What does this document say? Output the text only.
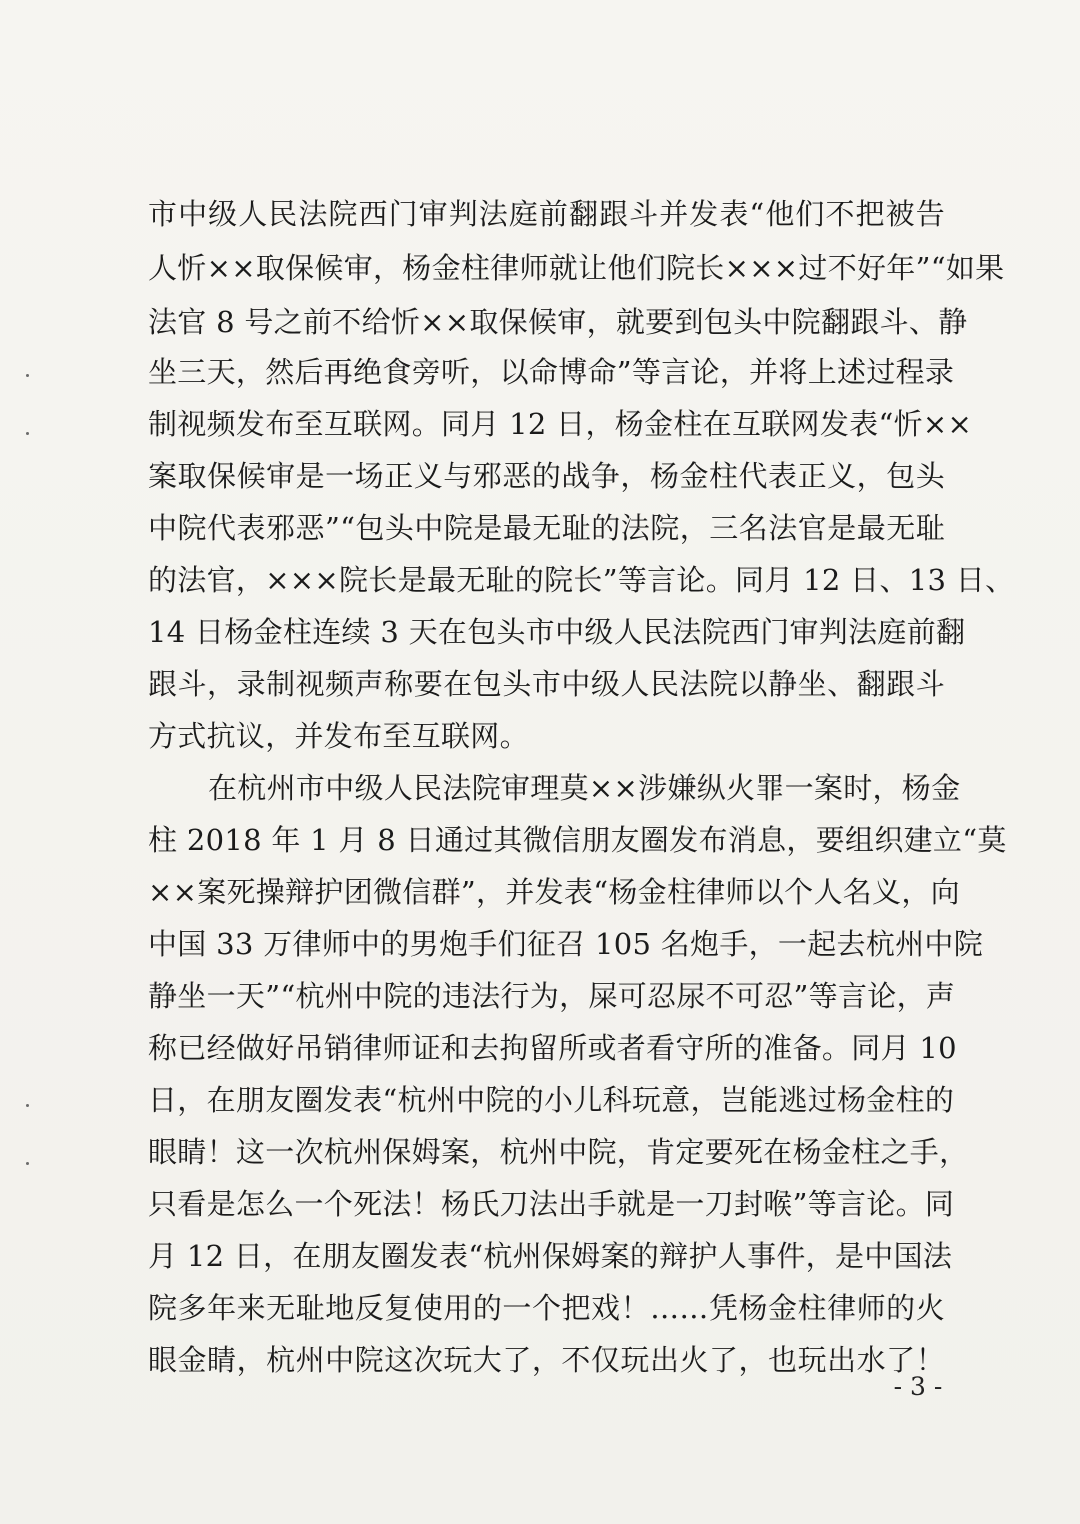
市中级人民法院西门审判法庭前翻跟斗并发表“他们不把被告
人忻××取保候审，杨金柱律师就让他们院长×××过不好年”“如果
法官 8 号之前不给忻××取保候审，就要到包头中院翻跟斗、静
坐三天，然后再绝食旁听，以命博命”等言论，并将上述过程录
制视频发布至互联网。同月 12 日，杨金柱在互联网发表“忻××
案取保候审是一场正义与邪恶的战争，杨金柱代表正义，包头
中院代表邪恶”“包头中院是最无耻的法院，三名法官是最无耻
的法官，×××院长是最无耻的院长”等言论。同月 12 日、13 日、
14 日杨金柱连续 3 天在包头市中级人民法院西门审判法庭前翻
跟斗，录制视频声称要在包头市中级人民法院以静坐、翻跟斗
方式抗议，并发布至互联网。
在杭州市中级人民法院审理莫××涉嫌纵火罪一案时，杨金
柱 2018 年 1 月 8 日通过其微信朋友圈发布消息，要组织建立“莫
××案死操辩护团微信群”，并发表“杨金柱律师以个人名义，向
中国 33 万律师中的男炮手们征召 105 名炮手，一起去杭州中院
静坐一天”“杭州中院的违法行为，屎可忍尿不可忍”等言论，声
称已经做好吊销律师证和去拘留所或者看守所的准备。同月 10
日，在朋友圈发表“杭州中院的小儿科玩意，岂能逃过杨金柱的
眼睛！这一次杭州保姆案，杭州中院，肯定要死在杨金柱之手，
只看是怎么一个死法！杨氏刀法出手就是一刀封喉”等言论。同
月 12 日，在朋友圈发表“杭州保姆案的辩护人事件，是中国法
院多年来无耻地反复使用的一个把戏！……凭杨金柱律师的火
眼金睛，杭州中院这次玩大了，不仅玩出火了，也玩出水了！
- 3 -
